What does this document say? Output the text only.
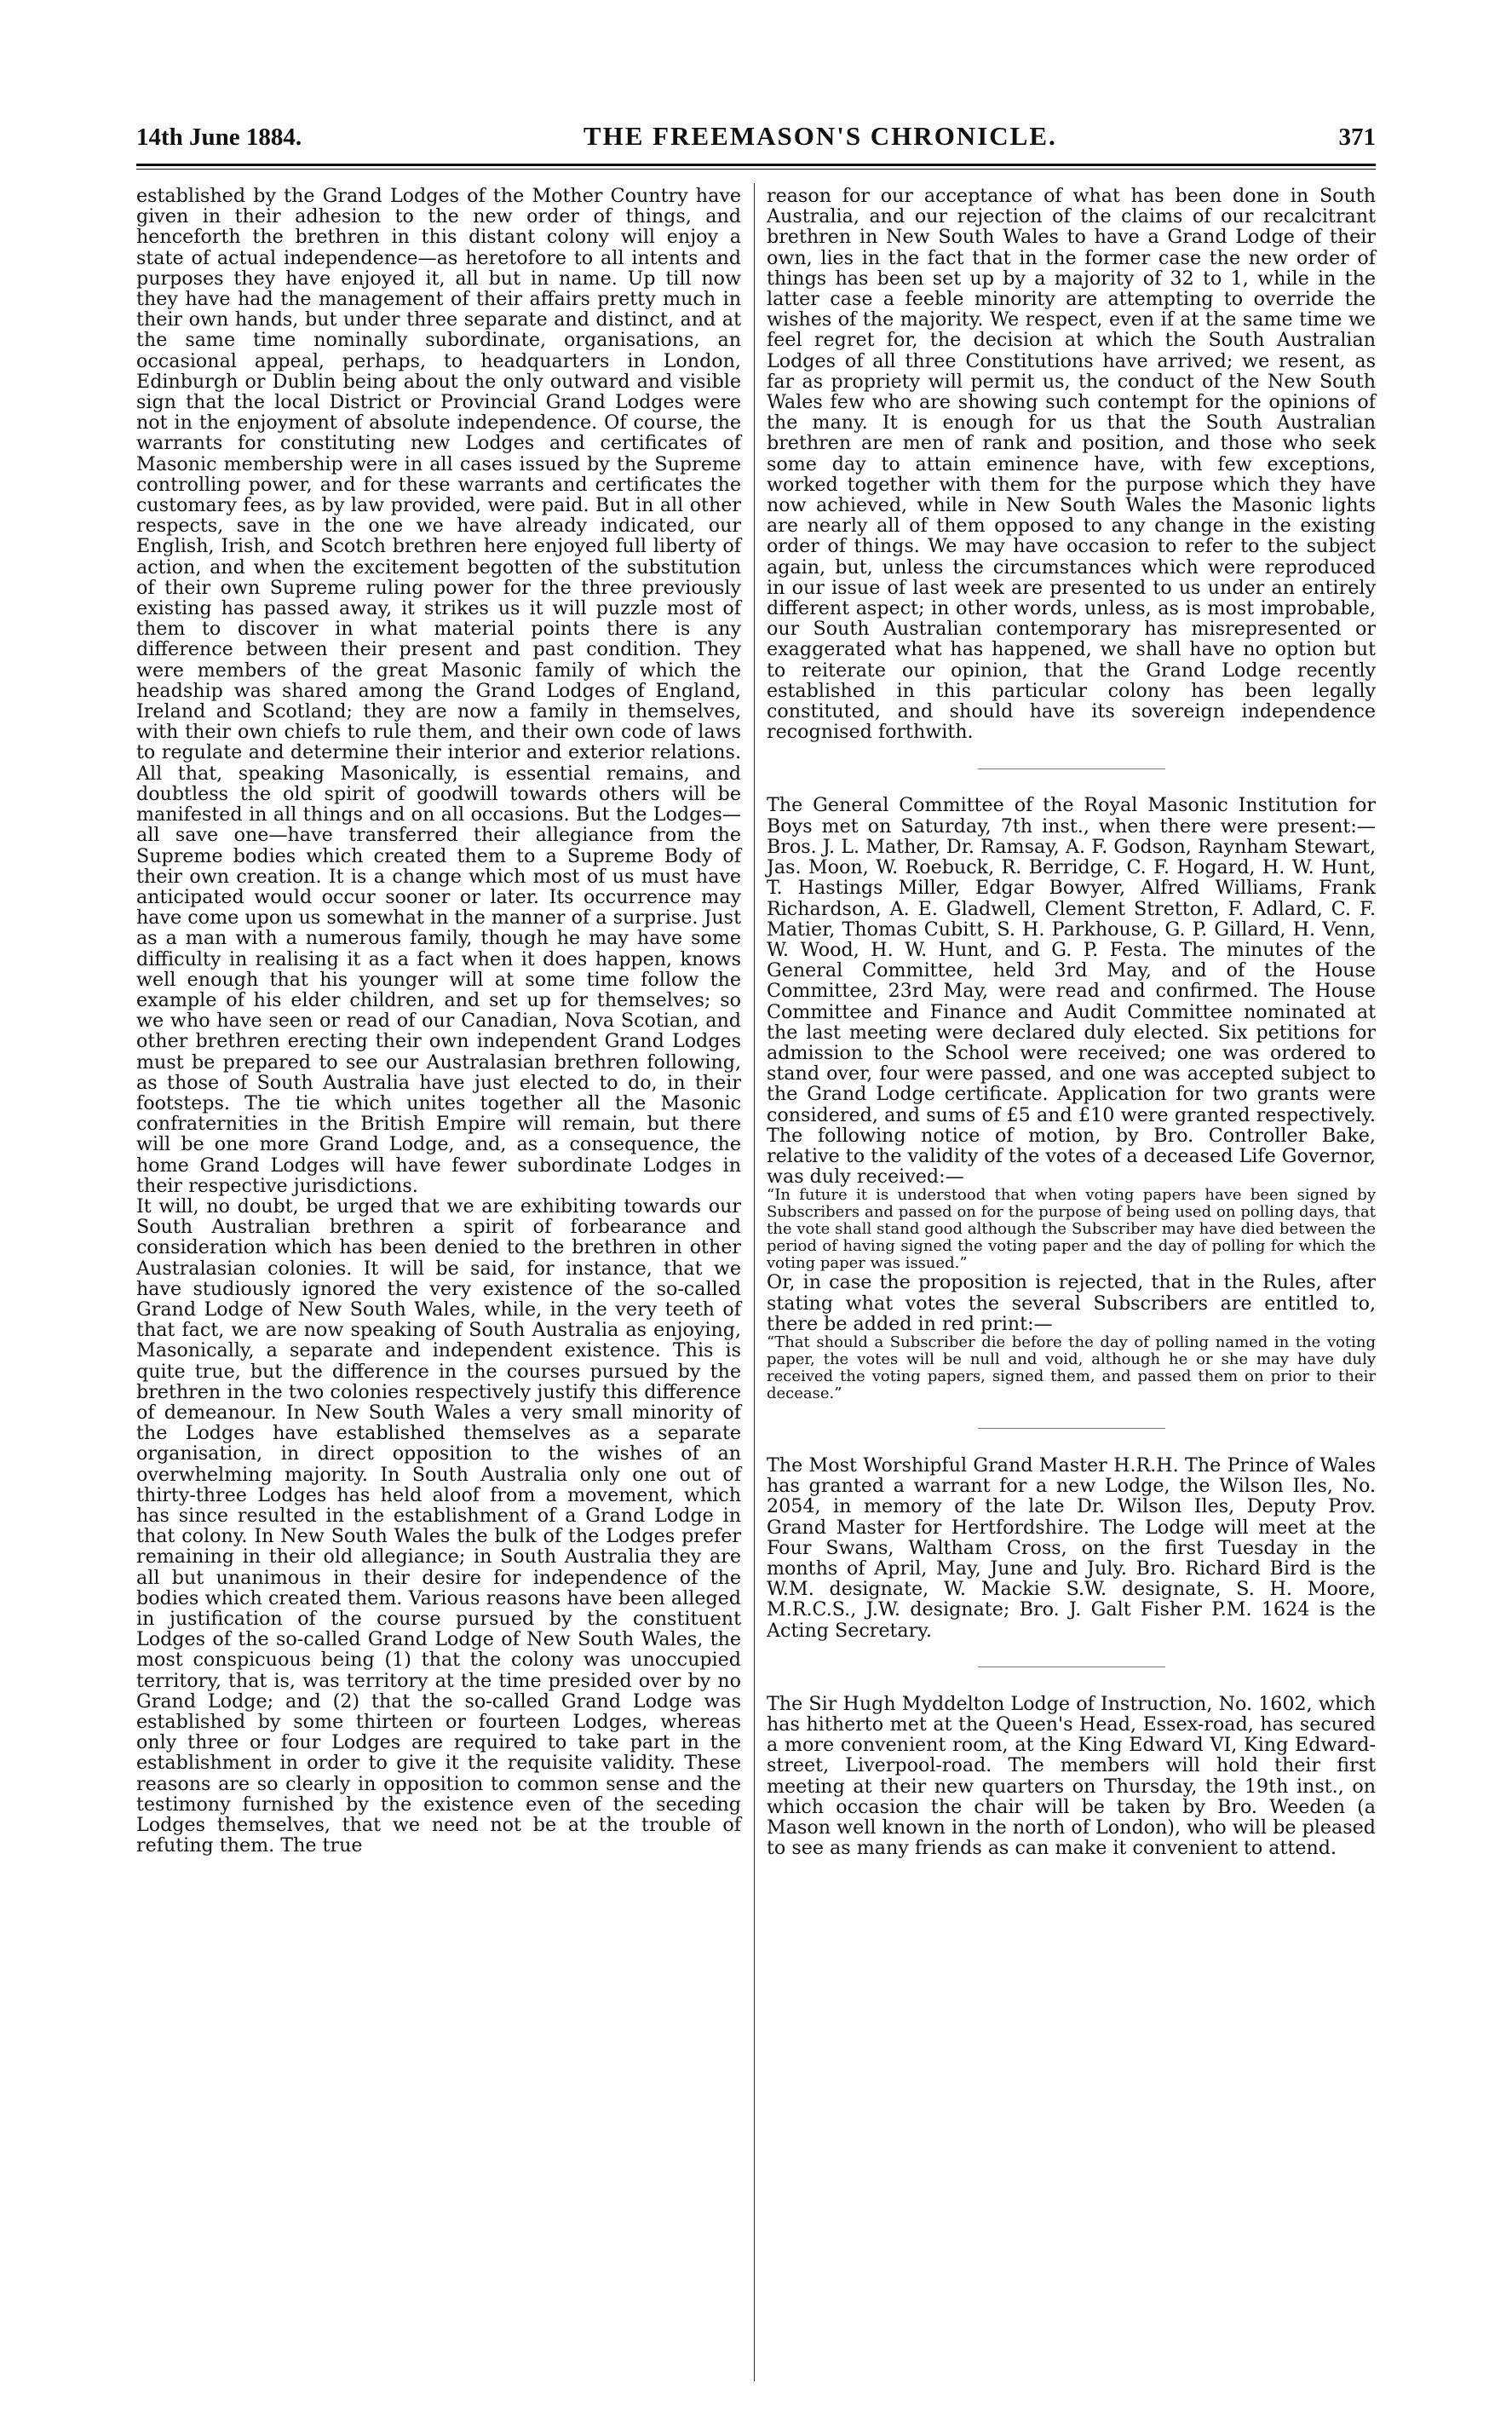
14th June 1884.	THE FREEMASON'S CHRONICLE.	371

established by the Grand Lodges of the Mother Country have given in their adhesion to the new order of things, and henceforth the brethren in this distant colony will enjoy a state of actual independence—as heretofore to all intents and purposes they have enjoyed it, all but in name. Up till now they have had the management of their affairs pretty much in their own hands, but under three separate and distinct, and at the same time nominally subordinate, organisations, an occasional appeal, perhaps, to headquarters in London, Edinburgh or Dublin being about the only outward and visible sign that the local District or Provincial Grand Lodges were not in the enjoyment of absolute independence. Of course, the warrants for constituting new Lodges and certificates of Masonic membership were in all cases issued by the Supreme controlling power, and for these warrants and certificates the customary fees, as by law provided, were paid. But in all other respects, save in the one we have already indicated, our English, Irish, and Scotch brethren here enjoyed full liberty of action, and when the excitement begotten of the substitution of their own Supreme ruling power for the three previously existing has passed away, it strikes us it will puzzle most of them to discover in what material points there is any difference between their present and past condition. They were members of the great Masonic family of which the headship was shared among the Grand Lodges of England, Ireland and Scotland; they are now a family in themselves, with their own chiefs to rule them, and their own code of laws to regulate and determine their interior and exterior relations. All that, speaking Masonically, is essential remains, and doubtless the old spirit of goodwill towards others will be manifested in all things and on all occasions. But the Lodges—all save one—have transferred their allegiance from the Supreme bodies which created them to a Supreme Body of their own creation. It is a change which most of us must have anticipated would occur sooner or later. Its occurrence may have come upon us somewhat in the manner of a surprise. Just as a man with a numerous family, though he may have some difficulty in realising it as a fact when it does happen, knows well enough that his younger will at some time follow the example of his elder children, and set up for themselves; so we who have seen or read of our Canadian, Nova Scotian, and other brethren erecting their own independent Grand Lodges must be prepared to see our Australasian brethren following, as those of South Australia have just elected to do, in their footsteps. The tie which unites together all the Masonic confraternities in the British Empire will remain, but there will be one more Grand Lodge, and, as a consequence, the home Grand Lodges will have fewer subordinate Lodges in their respective jurisdictions.

It will, no doubt, be urged that we are exhibiting towards our South Australian brethren a spirit of forbearance and consideration which has been denied to the brethren in other Australasian colonies. It will be said, for instance, that we have studiously ignored the very existence of the so-called Grand Lodge of New South Wales, while, in the very teeth of that fact, we are now speaking of South Australia as enjoying, Masonically, a separate and independent existence. This is quite true, but the difference in the courses pursued by the brethren in the two colonies respectively justify this difference of demeanour. In New South Wales a very small minority of the Lodges have established themselves as a separate organisation, in direct opposition to the wishes of an overwhelming majority. In South Australia only one out of thirty-three Lodges has held aloof from a movement, which has since resulted in the establishment of a Grand Lodge in that colony. In New South Wales the bulk of the Lodges prefer remaining in their old allegiance; in South Australia they are all but unanimous in their desire for independence of the bodies which created them. Various reasons have been alleged in justification of the course pursued by the constituent Lodges of the so-called Grand Lodge of New South Wales, the most conspicuous being (1) that the colony was unoccupied territory, that is, was territory at the time presided over by no Grand Lodge; and (2) that the so-called Grand Lodge was established by some thirteen or fourteen Lodges, whereas only three or four Lodges are required to take part in the establishment in order to give it the requisite validity. These reasons are so clearly in opposition to common sense and the testimony furnished by the existence even of the seceding Lodges themselves, that we need not be at the trouble of refuting them. The true

reason for our acceptance of what has been done in South Australia, and our rejection of the claims of our recalcitrant brethren in New South Wales to have a Grand Lodge of their own, lies in the fact that in the former case the new order of things has been set up by a majority of 32 to 1, while in the latter case a feeble minority are attempting to override the wishes of the majority. We respect, even if at the same time we feel regret for, the decision at which the South Australian Lodges of all three Constitutions have arrived; we resent, as far as propriety will permit us, the conduct of the New South Wales few who are showing such contempt for the opinions of the many. It is enough for us that the South Australian brethren are men of rank and position, and those who seek some day to attain eminence have, with few exceptions, worked together with them for the purpose which they have now achieved, while in New South Wales the Masonic lights are nearly all of them opposed to any change in the existing order of things. We may have occasion to refer to the subject again, but, unless the circumstances which were reproduced in our issue of last week are presented to us under an entirely different aspect; in other words, unless, as is most improbable, our South Australian contemporary has misrepresented or exaggerated what has happened, we shall have no option but to reiterate our opinion, that the Grand Lodge recently established in this particular colony has been legally constituted, and should have its sovereign independence recognised forthwith.

The General Committee of the Royal Masonic Institution for Boys met on Saturday, 7th inst., when there were present:—Bros. J. L. Mather, Dr. Ramsay, A. F. Godson, Raynham Stewart, Jas. Moon, W. Roebuck, R. Berridge, C. F. Hogard, H. W. Hunt, T. Hastings Miller, Edgar Bowyer, Alfred Williams, Frank Richardson, A. E. Gladwell, Clement Stretton, F. Adlard, C. F. Matier, Thomas Cubitt, S. H. Parkhouse, G. P. Gillard, H. Venn, W. Wood, H. W. Hunt, and G. P. Festa. The minutes of the General Committee, held 3rd May, and of the House Committee, 23rd May, were read and confirmed. The House Committee and Finance and Audit Committee nominated at the last meeting were declared duly elected. Six petitions for admission to the School were received; one was ordered to stand over, four were passed, and one was accepted subject to the Grand Lodge certificate. Application for two grants were considered, and sums of £5 and £10 were granted respectively. The following notice of motion, by Bro. Controller Bake, relative to the validity of the votes of a deceased Life Governor, was duly received:—

“In future it is understood that when voting papers have been signed by Subscribers and passed on for the purpose of being used on polling days, that the vote shall stand good although the Subscriber may have died between the period of having signed the voting paper and the day of polling for which the voting paper was issued.”

Or, in case the proposition is rejected, that in the Rules, after stating what votes the several Subscribers are entitled to, there be added in red print:—

“That should a Subscriber die before the day of polling named in the voting paper, the votes will be null and void, although he or she may have duly received the voting papers, signed them, and passed them on prior to their decease.”

The Most Worshipful Grand Master H.R.H. The Prince of Wales has granted a warrant for a new Lodge, the Wilson Iles, No. 2054, in memory of the late Dr. Wilson Iles, Deputy Prov. Grand Master for Hertfordshire. The Lodge will meet at the Four Swans, Waltham Cross, on the first Tuesday in the months of April, May, June and July. Bro. Richard Bird is the W.M. designate, W. Mackie S.W. designate, S. H. Moore, M.R.C.S., J.W. designate; Bro. J. Galt Fisher P.M. 1624 is the Acting Secretary.

The Sir Hugh Myddelton Lodge of Instruction, No. 1602, which has hitherto met at the Queen's Head, Essex-road, has secured a more convenient room, at the King Edward VI, King Edward-street, Liverpool-road. The members will hold their first meeting at their new quarters on Thursday, the 19th inst., on which occasion the chair will be taken by Bro. Weeden (a Mason well known in the north of London), who will be pleased to see as many friends as can make it convenient to attend.
